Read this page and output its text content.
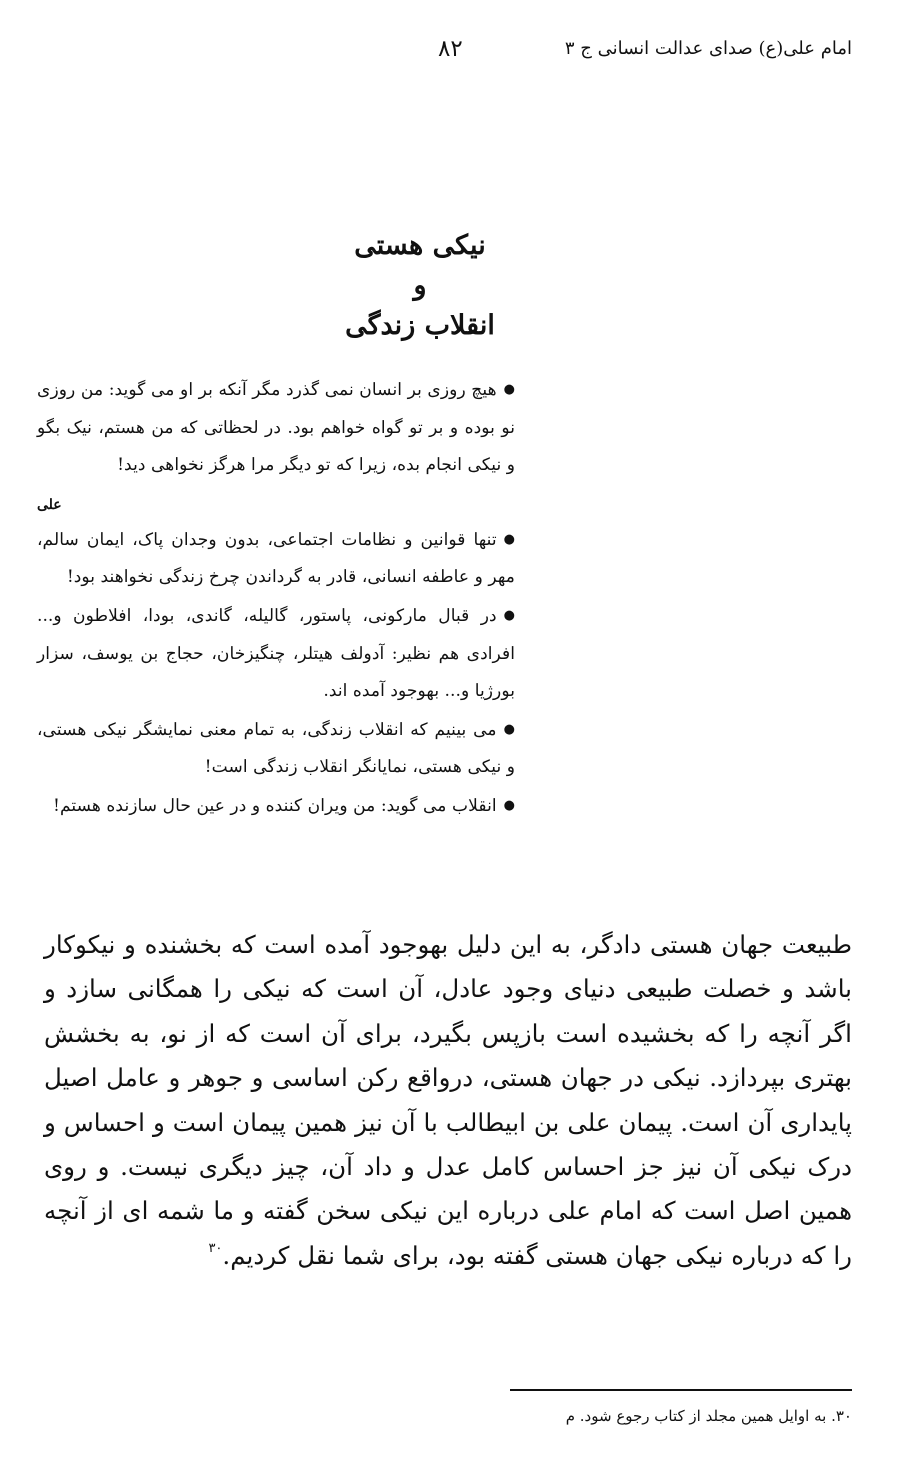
امام علی(ع) صدای عدالت انسانی ج ۳
۸۲
نیکی هستی
و
انقلاب زندگی

●هیچ روزی بر انسان نمی گذرد مگر آنکه بر او می گوید: من روزی نو بوده و بر تو گواه خواهم بود. در لحظاتی که من هستم، نیک بگو و نیکی انجام بده، زیرا که تو دیگر مرا هرگز نخواهی دید!

علی

●تنها قوانین و نظامات اجتماعی، بدون وجدان پاک، ایمان سالم، مهر و عاطفه انسانی، قادر به گرداندن چرخ زندگی نخواهند بود!

●در قبال مارکونی، پاستور، گالیله، گاندی، بودا، افلاطون و... افرادی هم نظیر: آدولف هیتلر، چنگیزخان، حجاج بن یوسف، سزار بورژیا و... بهوجود آمده اند.

●می بینیم که انقلاب زندگی، به تمام معنی نمایشگر نیکی هستی، و نیکی هستی، نمایانگر انقلاب زندگی است!

●انقلاب می گوید: من ویران کننده و در عین حال سازنده هستم!

طبیعت جهان هستی دادگر، به این دلیل بهوجود آمده است که بخشنده و نیکوکار باشد و خصلت طبیعی دنیای وجود عادل، آن است که نیکی را همگانی سازد و اگر آنچه را که بخشیده است بازپس بگیرد، برای آن است که از نو، به بخشش بهتری بپردازد. نیکی در جهان هستی، درواقع رکن اساسی و جوهر و عامل اصیل پایداری آن است. پیمان علی بن ابیطالب با آن نیز همین پیمان است و احساس و درک نیکی آن نیز جز احساس کامل عدل و داد آن، چیز دیگری نیست. و روی همین اصل است که امام علی درباره این نیکی سخن گفته و ما شمه ای از آنچه را که درباره نیکی جهان هستی گفته بود، برای شما نقل کردیم.$^{۳۰}$

۳۰. به اوایل همین مجلد از کتاب رجوع شود. م
